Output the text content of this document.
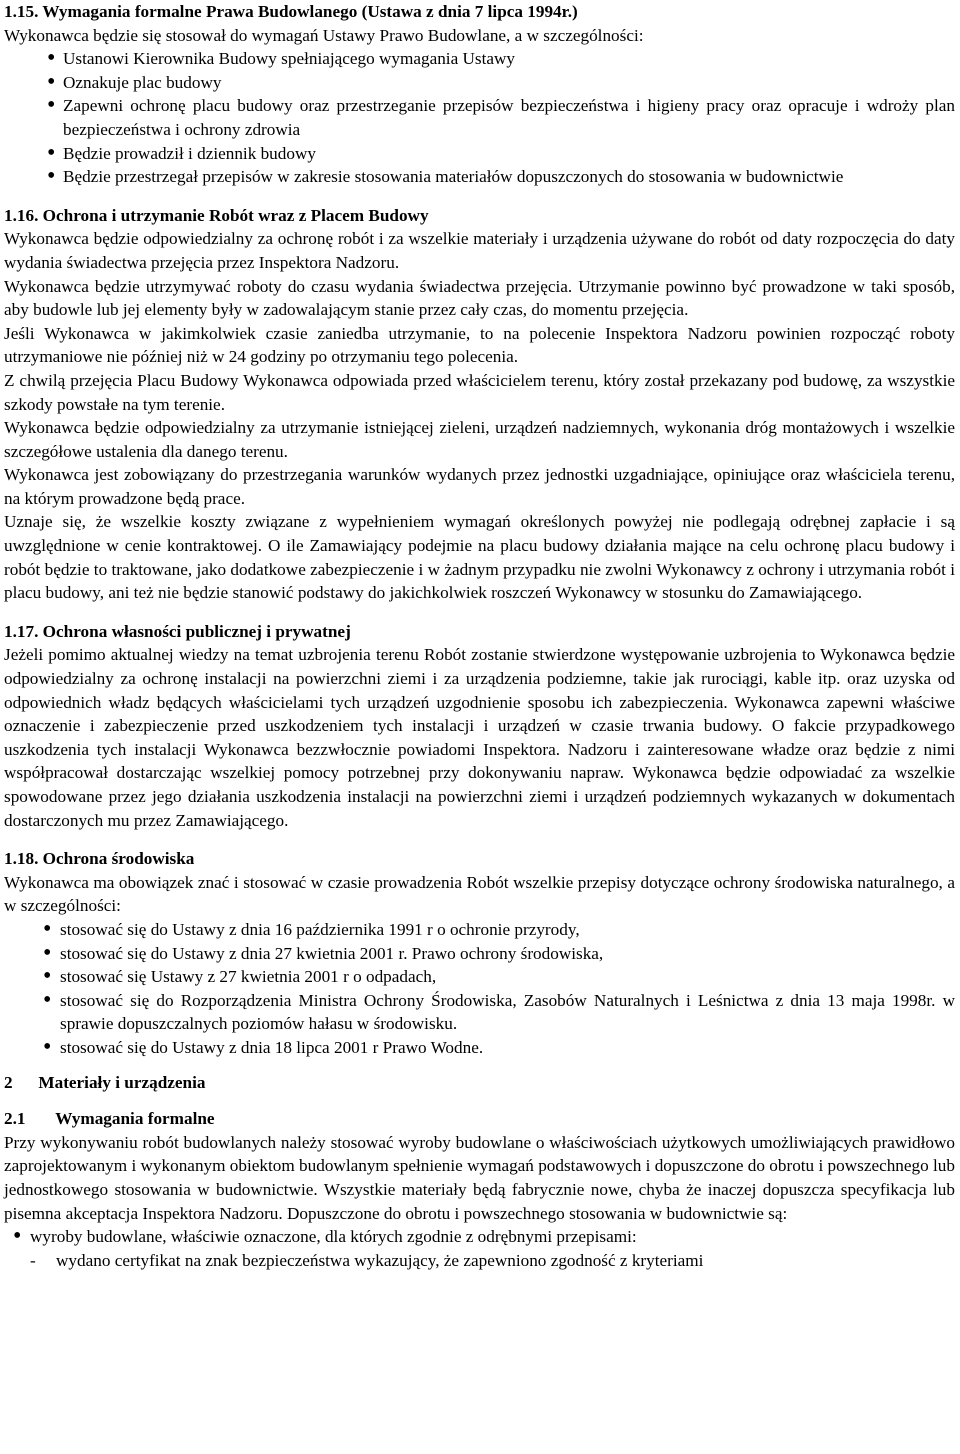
1.15. Wymagania formalne Prawa Budowlanego (Ustawa z dnia 7 lipca 1994r.)

Wykonawca będzie się stosował do wymagań Ustawy Prawo Budowlane, a w szczególności:

• Ustanowi Kierownika Budowy spełniającego wymagania Ustawy
• Oznakuje plac budowy
• Zapewni ochronę placu budowy oraz przestrzeganie przepisów bezpieczeństwa i higieny pracy oraz opracuje i wdroży plan bezpieczeństwa i ochrony zdrowia
• Będzie prowadził i dziennik budowy
• Będzie przestrzegał przepisów w zakresie stosowania materiałów dopuszczonych do stosowania w budownictwie

1.16. Ochrona i utrzymanie Robót wraz z Placem Budowy

Wykonawca będzie odpowiedzialny za ochronę robót i za wszelkie materiały i urządzenia używane do robót od daty rozpoczęcia do daty wydania świadectwa przejęcia przez Inspektora Nadzoru.

Wykonawca będzie utrzymywać roboty do czasu wydania świadectwa przejęcia. Utrzymanie powinno być prowadzone w taki sposób, aby budowle lub jej elementy były w zadowalającym stanie przez cały czas, do momentu przejęcia.

Jeśli Wykonawca w jakimkolwiek czasie zaniedba utrzymanie, to na polecenie Inspektora Nadzoru powinien rozpocząć roboty utrzymaniowe nie później niż w 24 godziny po otrzymaniu tego polecenia.

Z chwilą przejęcia Placu Budowy Wykonawca odpowiada przed właścicielem terenu, który został przekazany pod budowę, za wszystkie szkody powstałe na tym terenie.

Wykonawca będzie odpowiedzialny za utrzymanie istniejącej zieleni, urządzeń nadziemnych, wykonania dróg montażowych i wszelkie szczegółowe ustalenia dla danego terenu.

Wykonawca jest zobowiązany do przestrzegania warunków wydanych przez jednostki uzgadniające, opiniujące oraz właściciela terenu, na którym prowadzone będą prace.

Uznaje się, że wszelkie koszty związane z wypełnieniem wymagań określonych powyżej nie podlegają odrębnej zapłacie i są uwzględnione w cenie kontraktowej. O ile Zamawiający podejmie na placu budowy działania mające na celu ochronę placu budowy i robót będzie to traktowane, jako dodatkowe zabezpieczenie i w żadnym przypadku nie zwolni Wykonawcy z ochrony i utrzymania robót i placu budowy, ani też nie będzie stanowić podstawy do jakichkolwiek roszczeń Wykonawcy w stosunku do Zamawiającego.

1.17. Ochrona własności publicznej i prywatnej

Jeżeli pomimo aktualnej wiedzy na temat uzbrojenia terenu Robót zostanie stwierdzone występowanie uzbrojenia to Wykonawca będzie odpowiedzialny za ochronę instalacji na powierzchni ziemi i za urządzenia podziemne, takie jak rurociągi, kable itp. oraz uzyska od odpowiednich władz będących właścicielami tych urządzeń uzgodnienie sposobu ich zabezpieczenia. Wykonawca zapewni właściwe oznaczenie i zabezpieczenie przed uszkodzeniem tych instalacji i urządzeń w czasie trwania budowy. O fakcie przypadkowego uszkodzenia tych instalacji Wykonawca bezzwłocznie powiadomi Inspektora. Nadzoru i zainteresowane władze oraz będzie z nimi współpracował dostarczając wszelkiej pomocy potrzebnej przy dokonywaniu napraw. Wykonawca będzie odpowiadać za wszelkie spowodowane przez jego działania uszkodzenia instalacji na powierzchni ziemi i urządzeń podziemnych wykazanych w dokumentach dostarczonych mu przez Zamawiającego.

1.18. Ochrona środowiska

Wykonawca ma obowiązek znać i stosować w czasie prowadzenia Robót wszelkie przepisy dotyczące ochrony środowiska naturalnego, a w szczególności:

• stosować się do Ustawy z dnia 16 października 1991 r o ochronie przyrody,
• stosować się do Ustawy z dnia 27 kwietnia 2001 r. Prawo ochrony środowiska,
• stosować się Ustawy z 27 kwietnia 2001 r o odpadach,
• stosować się do Rozporządzenia Ministra Ochrony Środowiska, Zasobów Naturalnych i Leśnictwa z dnia 13 maja 1998r. w sprawie dopuszczalnych poziomów hałasu w środowisku.
• stosować się do Ustawy z dnia 18 lipca 2001 r Prawo Wodne.

2      Materiały i urządzenia

2.1       Wymagania formalne

Przy wykonywaniu robót budowlanych należy stosować wyroby budowlane o właściwościach użytkowych umożliwiających prawidłowo zaprojektowanym i wykonanym obiektom budowlanym spełnienie wymagań podstawowych i dopuszczone do obrotu i powszechnego lub jednostkowego stosowania w budownictwie. Wszystkie materiały będą fabrycznie nowe, chyba że inaczej dopuszcza specyfikacja lub pisemna akceptacja Inspektora Nadzoru. Dopuszczone do obrotu i powszechnego stosowania w budownictwie są:

• wyroby budowlane, właściwie oznaczone, dla których zgodnie z odrębnymi przepisami:
-	wydano certyfikat na znak bezpieczeństwa wykazujący, że zapewniono zgodność z kryteriami
